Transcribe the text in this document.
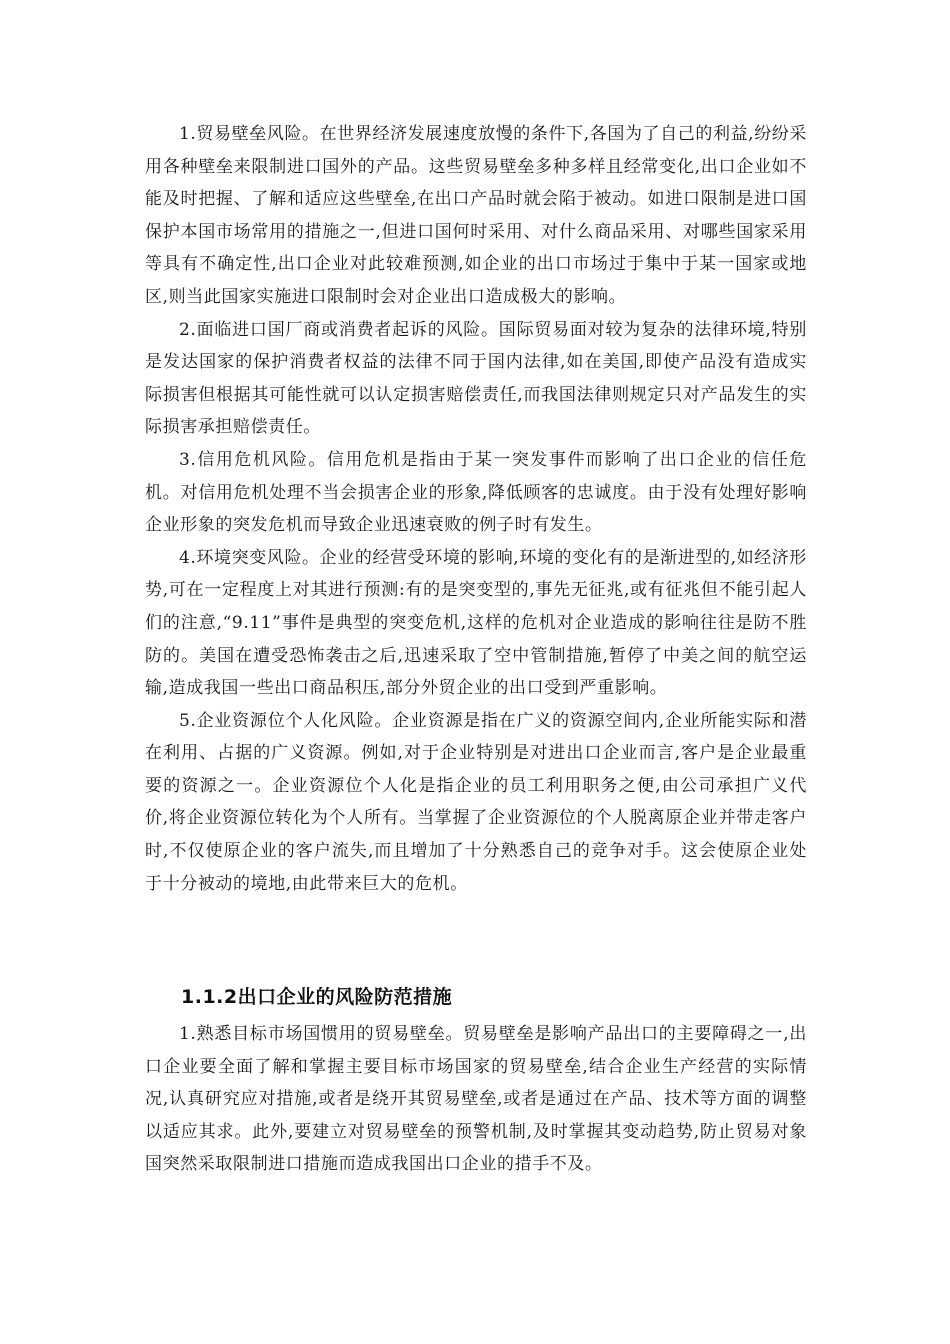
1.贸易壁垒风险。在世界经济发展速度放慢的条件下,各国为了自己的利益,纷纷采用各种壁垒来限制进口国外的产品。这些贸易壁垒多种多样且经常变化,出口企业如不能及时把握、了解和适应这些壁垒,在出口产品时就会陷于被动。如进口限制是进口国保护本国市场常用的措施之一,但进口国何时采用、对什么商品采用、对哪些国家采用等具有不确定性,出口企业对此较难预测,如企业的出口市场过于集中于某一国家或地区,则当此国家实施进口限制时会对企业出口造成极大的影响。

2.面临进口国厂商或消费者起诉的风险。国际贸易面对较为复杂的法律环境,特别是发达国家的保护消费者权益的法律不同于国内法律,如在美国,即使产品没有造成实际损害但根据其可能性就可以认定损害赔偿责任,而我国法律则规定只对产品发生的实际损害承担赔偿责任。

3.信用危机风险。信用危机是指由于某一突发事件而影响了出口企业的信任危机。对信用危机处理不当会损害企业的形象,降低顾客的忠诚度。由于没有处理好影响企业形象的突发危机而导致企业迅速衰败的例子时有发生。

4.环境突变风险。企业的经营受环境的影响,环境的变化有的是渐进型的,如经济形势,可在一定程度上对其进行预测:有的是突变型的,事先无征兆,或有征兆但不能引起人们的注意,“9.11”事件是典型的突变危机,这样的危机对企业造成的影响往往是防不胜防的。美国在遭受恐怖袭击之后,迅速采取了空中管制措施,暂停了中美之间的航空运输,造成我国一些出口商品积压,部分外贸企业的出口受到严重影响。

5.企业资源位个人化风险。企业资源是指在广义的资源空间内,企业所能实际和潜在利用、占据的广义资源。例如,对于企业特别是对进出口企业而言,客户是企业最重要的资源之一。企业资源位个人化是指企业的员工利用职务之便,由公司承担广义代价,将企业资源位转化为个人所有。当掌握了企业资源位的个人脱离原企业并带走客户时,不仅使原企业的客户流失,而且增加了十分熟悉自己的竞争对手。这会使原企业处于十分被动的境地,由此带来巨大的危机。

1.1.2出口企业的风险防范措施

1.熟悉目标市场国惯用的贸易壁垒。贸易壁垒是影响产品出口的主要障碍之一,出口企业要全面了解和掌握主要目标市场国家的贸易壁垒,结合企业生产经营的实际情况,认真研究应对措施,或者是绕开其贸易壁垒,或者是通过在产品、技术等方面的调整以适应其求。此外,要建立对贸易壁垒的预警机制,及时掌握其变动趋势,防止贸易对象国突然采取限制进口措施而造成我国出口企业的措手不及。
